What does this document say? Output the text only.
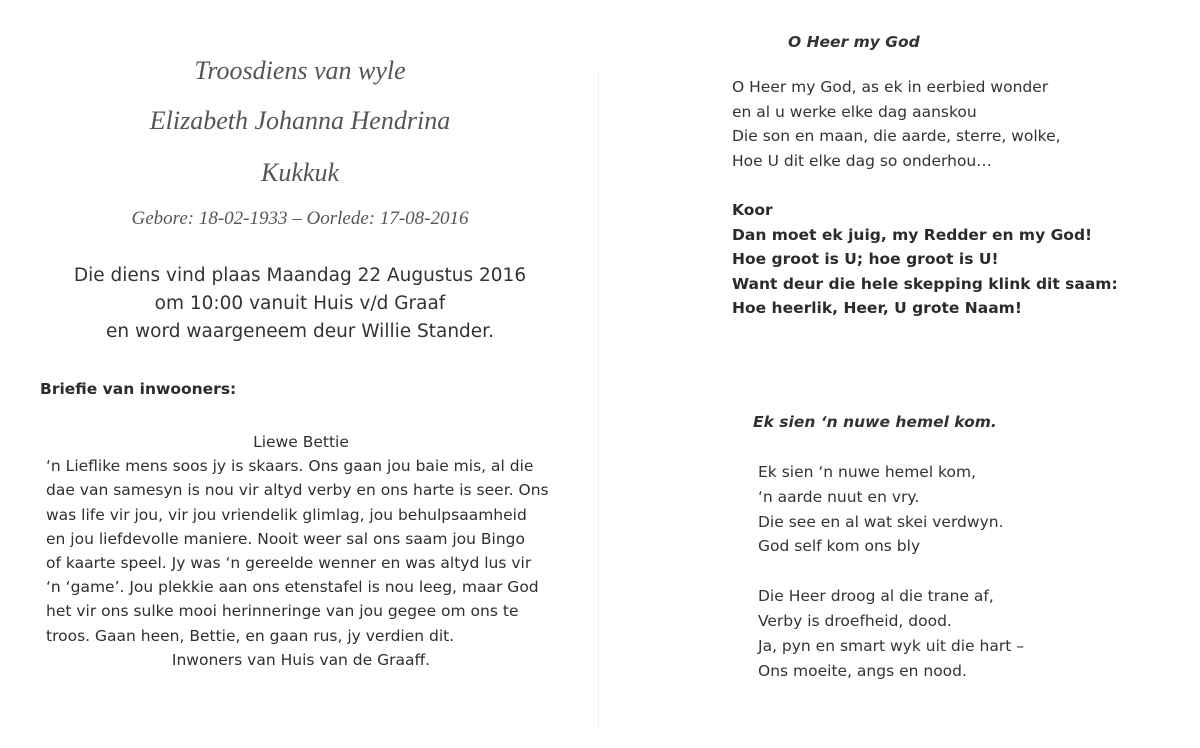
Troosdiens van wyle
Elizabeth Johanna Hendrina
Kukkuk
Gebore: 18-02-1933 – Oorlede: 17-08-2016
Die diens vind plaas Maandag 22 Augustus 2016
om 10:00 vanuit Huis v/d Graaf
en word waargeneem deur Willie Stander.
Briefie van inwooners:
Liewe Bettie
‘n Lieflike mens soos jy is skaars. Ons gaan jou baie mis, al die
dae van samesyn is nou vir altyd verby en ons harte is seer. Ons
was life vir jou, vir jou vriendelik glimlag, jou behulpsaamheid
en jou liefdevolle maniere. Nooit weer sal ons saam jou Bingo
of kaarte speel. Jy was ‘n gereelde wenner en was altyd lus vir
‘n ‘game’. Jou plekkie aan ons etenstafel is nou leeg, maar God
het vir ons sulke mooi herinneringe van jou gegee om ons te
troos. Gaan heen, Bettie, en gaan rus, jy verdien dit.
Inwoners van Huis van de Graaff.
O Heer my God
O Heer my God, as ek in eerbied wonder
en al u werke elke dag aanskou
Die son en maan, die aarde, sterre, wolke,
Hoe U dit elke dag so onderhou…
Koor
Dan moet ek juig, my Redder en my God!
Hoe groot is U; hoe groot is U!
Want deur die hele skepping klink dit saam:
Hoe heerlik, Heer, U grote Naam!
Ek sien ‘n nuwe hemel kom.
Ek sien ‘n nuwe hemel kom,
‘n aarde nuut en vry.
Die see en al wat skei verdwyn.
God self kom ons bly
Die Heer droog al die trane af,
Verby is droefheid, dood.
Ja, pyn en smart wyk uit die hart –
Ons moeite, angs en nood.
